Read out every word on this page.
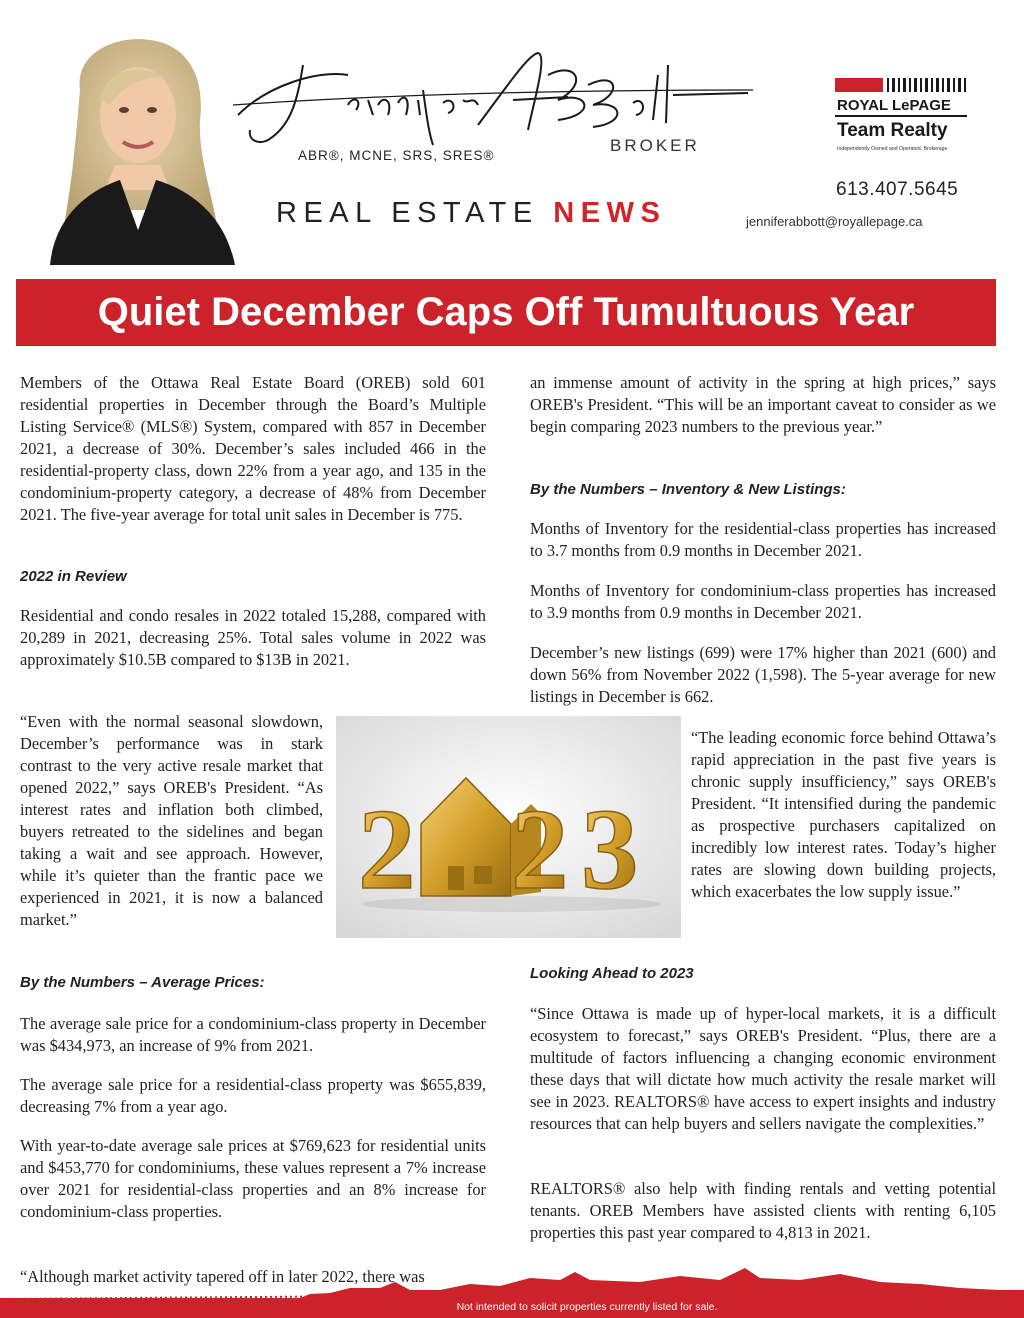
ABR®, MCNE, SRS, SRES®
BROKER
REAL ESTATE NEWS
ROYAL LePAGE
Team Realty
Independently Owned and Operated, Brokerage
613.407.5645
jenniferabbott@royallepage.ca
Quiet December Caps Off Tumultuous Year

Members of the Ottawa Real Estate Board (OREB) sold 601 residential properties in December through the Board’s Multiple Listing Service® (MLS®) System, compared with 857 in December 2021, a decrease of 30%. December’s sales included 466 in the residential-property class, down 22% from a year ago, and 135 in the condominium-property category, a decrease of 48% from December 2021. The five-year average for total unit sales in December is 775.

2022 in Review

Residential and condo resales in 2022 totaled 15,288, compared with 20,289 in 2021, decreasing 25%. Total sales volume in 2022 was approximately $10.5B compared to $13B in 2021.

“Even with the normal seasonal slowdown, December’s performance was in stark contrast to the very active resale market that opened 2022,” says OREB's President. “As interest rates and inflation both climbed, buyers retreated to the sidelines and began taking a wait and see approach. However, while it’s quieter than the frantic pace we experienced in 2021, it is now a balanced market.”

By the Numbers – Average Prices:

The average sale price for a condominium-class property in December was $434,973, an increase of 9% from 2021.

The average sale price for a residential-class property was $655,839, decreasing 7% from a year ago.

With year-to-date average sale prices at $769,623 for residential units and $453,770 for condominiums, these values represent a 7% increase over 2021 for residential-class properties and an 8% increase for condominium-class properties.

“Although market activity tapered off in later 2022, there was

an immense amount of activity in the spring at high prices,” says OREB's President. “This will be an important caveat to consider as we begin comparing 2023 numbers to the previous year.”

By the Numbers – Inventory & New Listings:

Months of Inventory for the residential-class properties has increased to 3.7 months from 0.9 months in December 2021.

Months of Inventory for condominium-class properties has increased to 3.9 months from 0.9 months in December 2021.

December’s new listings (699) were 17% higher than 2021 (600) and down 56% from November 2022 (1,598). The 5-year average for new listings in December is 662.

“The leading economic force behind Ottawa’s rapid appreciation in the past five years is chronic supply insufficiency,” says OREB's President. “It intensified during the pandemic as prospective purchasers capitalized on incredibly low interest rates. Today’s higher rates are slowing down building projects, which exacerbates the low supply issue.”

Looking Ahead to 2023

“Since Ottawa is made up of hyper-local markets, it is a difficult ecosystem to forecast,” says OREB's President. “Plus, there are a multitude of factors influencing a changing economic environment these days that will dictate how much activity the resale market will see in 2023. REALTORS® have access to expert insights and industry resources that can help buyers and sellers navigate the complexities.”

REALTORS® also help with finding rentals and vetting potential tenants. OREB Members have assisted clients with renting 6,105 properties this past year compared to 4,813 in 2021.

2 2 3
Not intended to solicit properties currently listed for sale.
